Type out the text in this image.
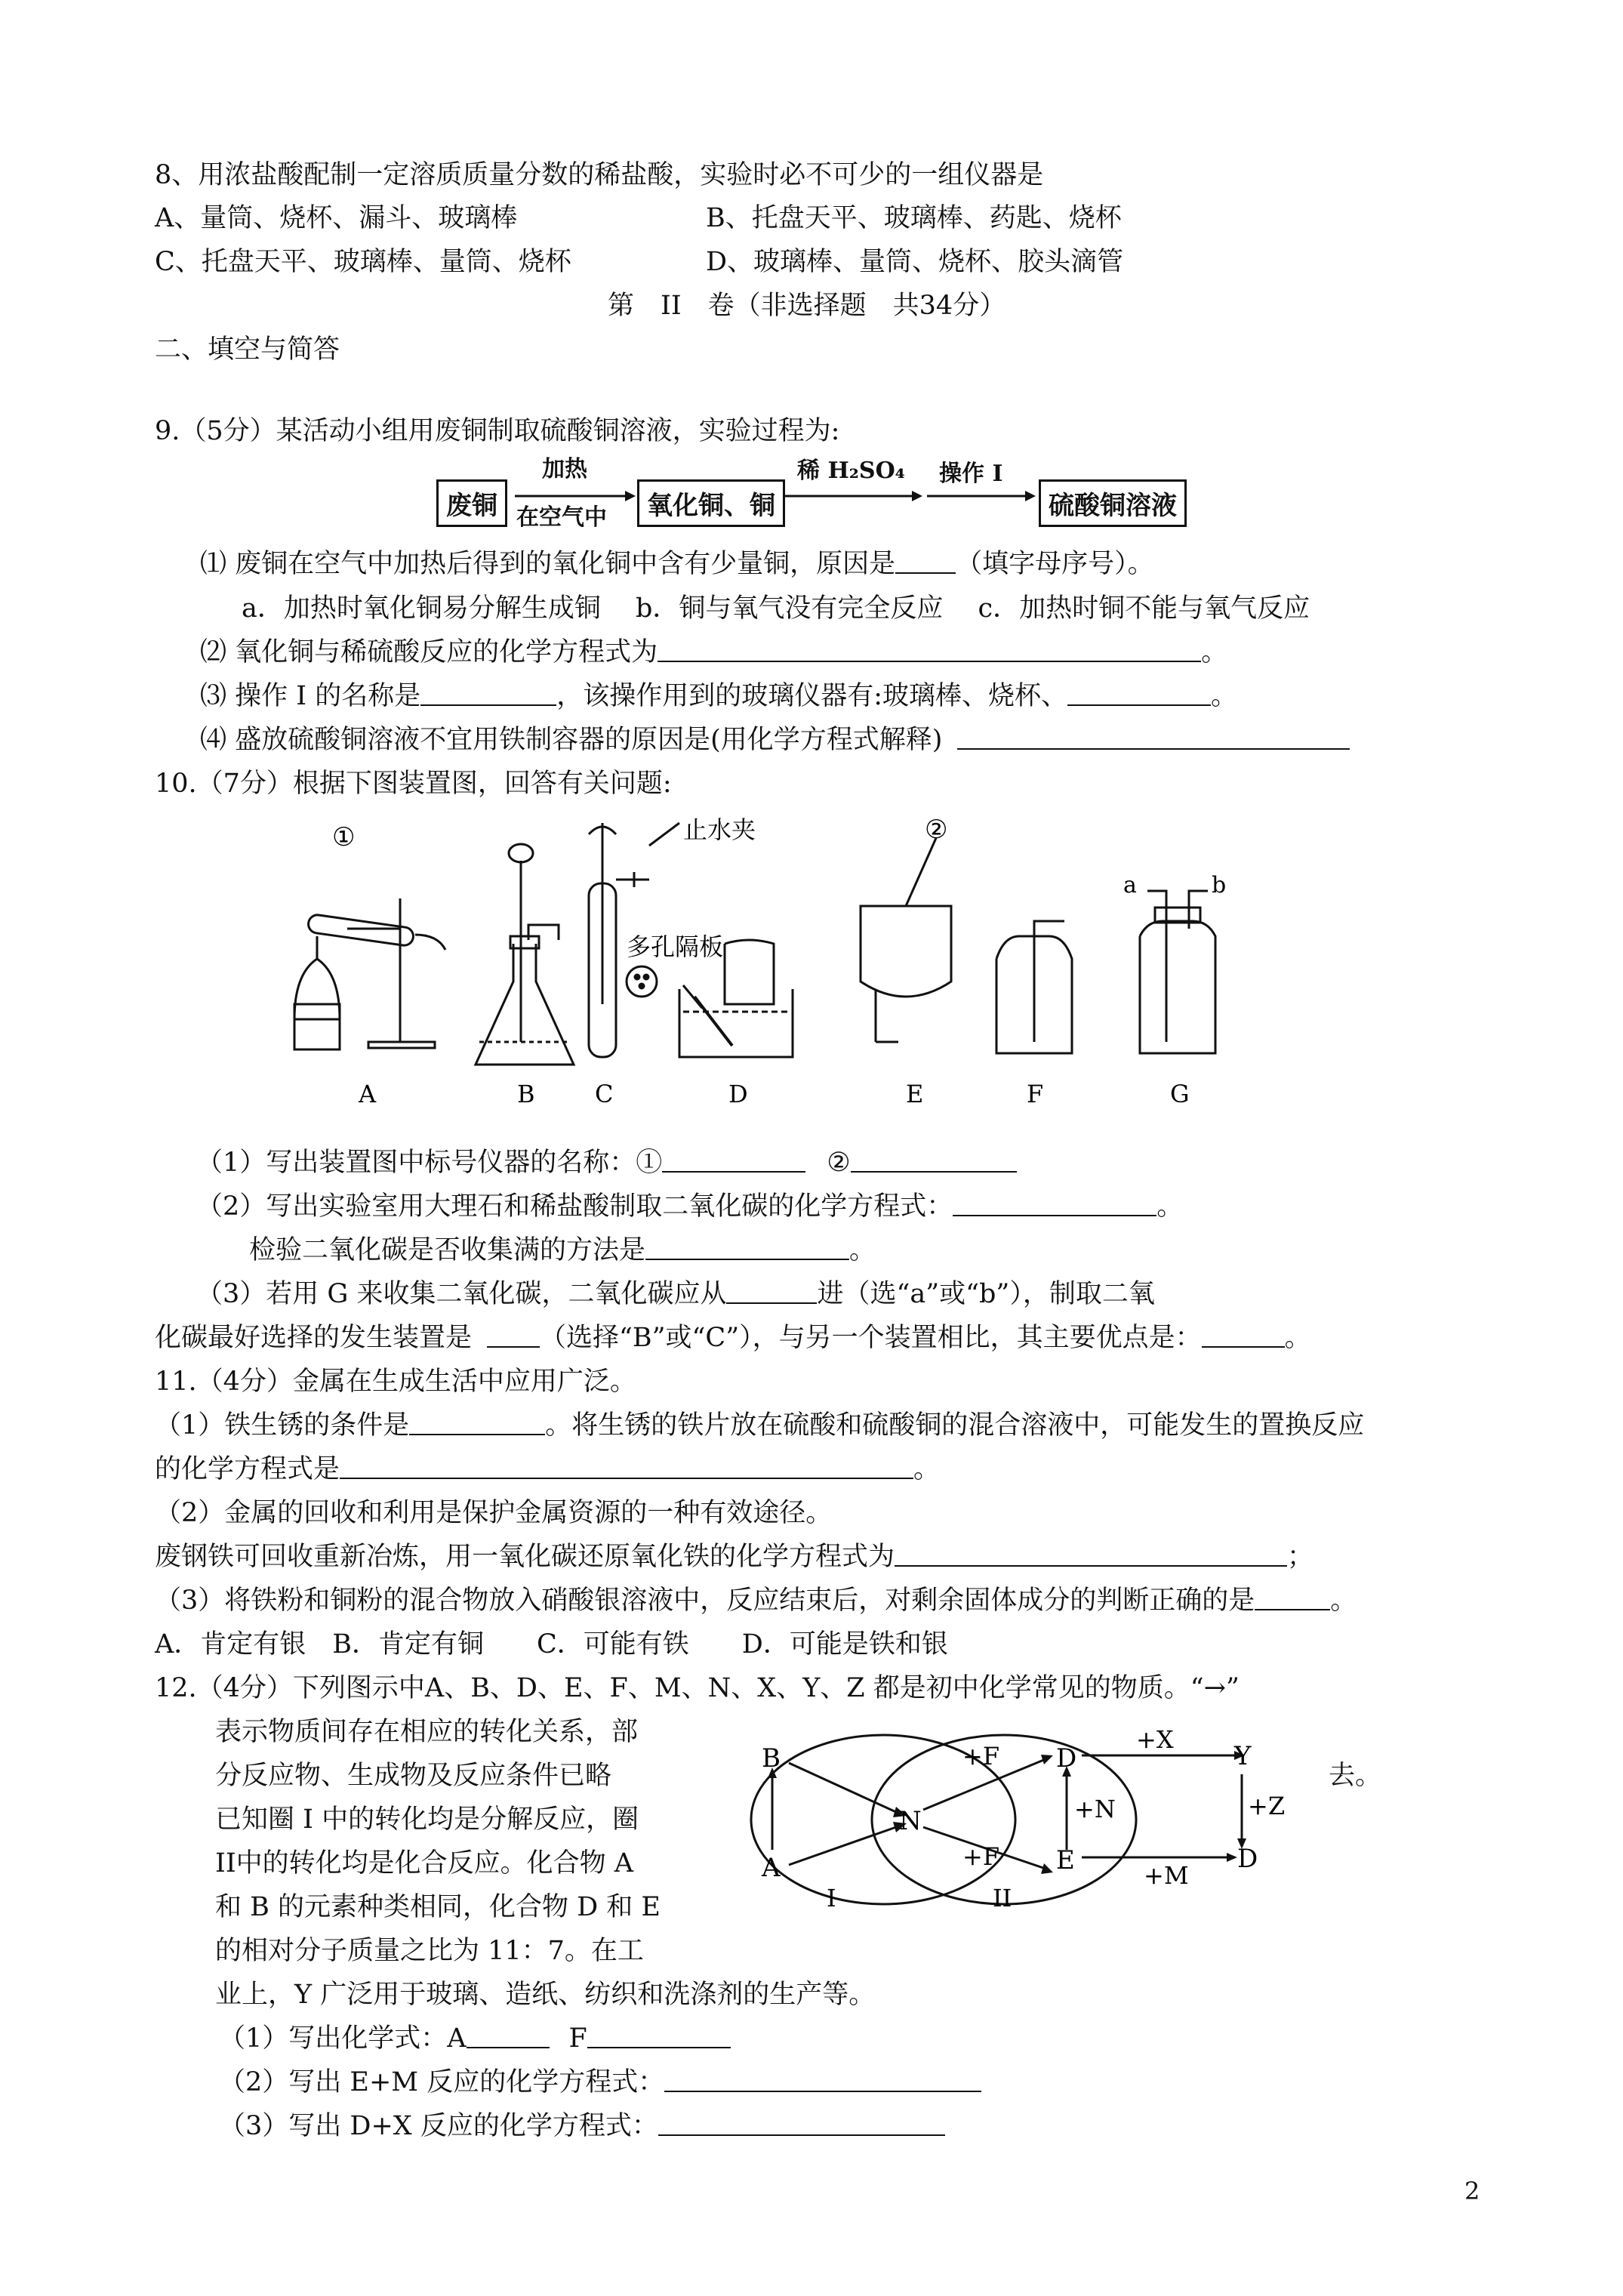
8、用浓盐酸配制一定溶质质量分数的稀盐酸，实验时必不可少的一组仪器是
A、量筒、烧杯、漏斗、玻璃棒	B、托盘天平、玻璃棒、药匙、烧杯
C、托盘天平、玻璃棒、量筒、烧杯	D、玻璃棒、量筒、烧杯、胶头滴管
第　II　卷（非选择题　共34分）
二、填空与简答
9.（5分）某活动小组用废铜制取硫酸铜溶液，实验过程为:
废铜
加热
在空气中	氧化铜、铜
稀 H₂SO₄ 操作 I
硫酸铜溶液
⑴ 废铜在空气中加热后得到的氧化铜中含有少量铜，原因是 （填字母序号）。
a．加热时氧化铜易分解生成铜　 b．铜与氧气没有完全反应　 c．加热时铜不能与氧气反应
⑵ 氧化铜与稀硫酸反应的化学方程式为	。
⑶ 操作 I 的名称是	，该操作用到的玻璃仪器有:玻璃棒、烧杯、	。
⑷ 盛放硫酸铜溶液不宜用铁制容器的原因是(用化学方程式解释)
10.（7分）根据下图装置图，回答有关问题:
①	②
止水夹
多孔隔板
a	b
A	B C	D	E	F	G
（1）写出装置图中标号仪器的名称：①	②
（2）写出实验室用大理石和稀盐酸制取二氧化碳的化学方程式：	。
检验二氧化碳是否收集满的方法是	。
（3）若用 G 来收集二氧化碳，二氧化碳应从	进（选“a”或“b”），制取二氧
化碳最好选择的发生装置是	（选择“B”或“C”），与另一个装置相比，其主要优点是：	。
11.（4分）金属在生成生活中应用广泛。
（1）铁生锈的条件是	。将生锈的铁片放在硫酸和硫酸铜的混合溶液中，可能发生的置换反应
的化学方程式是	。
（2）金属的回收和利用是保护金属资源的一种有效途径。
废钢铁可回收重新冶炼，用一氧化碳还原氧化铁的化学方程式为	；
（3）将铁粉和铜粉的混合物放入硝酸银溶液中，反应结束后，对剩余固体成分的判断正确的是	。
A．肯定有银　B．肯定有铜　　C．可能有铁　　D．可能是铁和银
12.（4分）下列图示中A、B、D、E、F、M、N、X、Y、Z 都是初中化学常见的物质。“→”
表示物质间存在相应的转化关系，部
分反应物、生成物及反应条件已略
已知圈 I 中的转化均是分解反应，圈
II中的转化均是化合反应。化合物 A
和 B 的元素种类相同，化合物 D 和 E
的相对分子质量之比为 11：7。在工
业上，Y 广泛用于玻璃、造纸、纺织和洗涤剂的生产等。
去。
B
A
N
D
E
+F
+F
+N
+X
Y
+Z
+M
D
I	II
（1）写出化学式：A	F
（2）写出 E+M 反应的化学方程式：
（3）写出 D+X 反应的化学方程式：
2
